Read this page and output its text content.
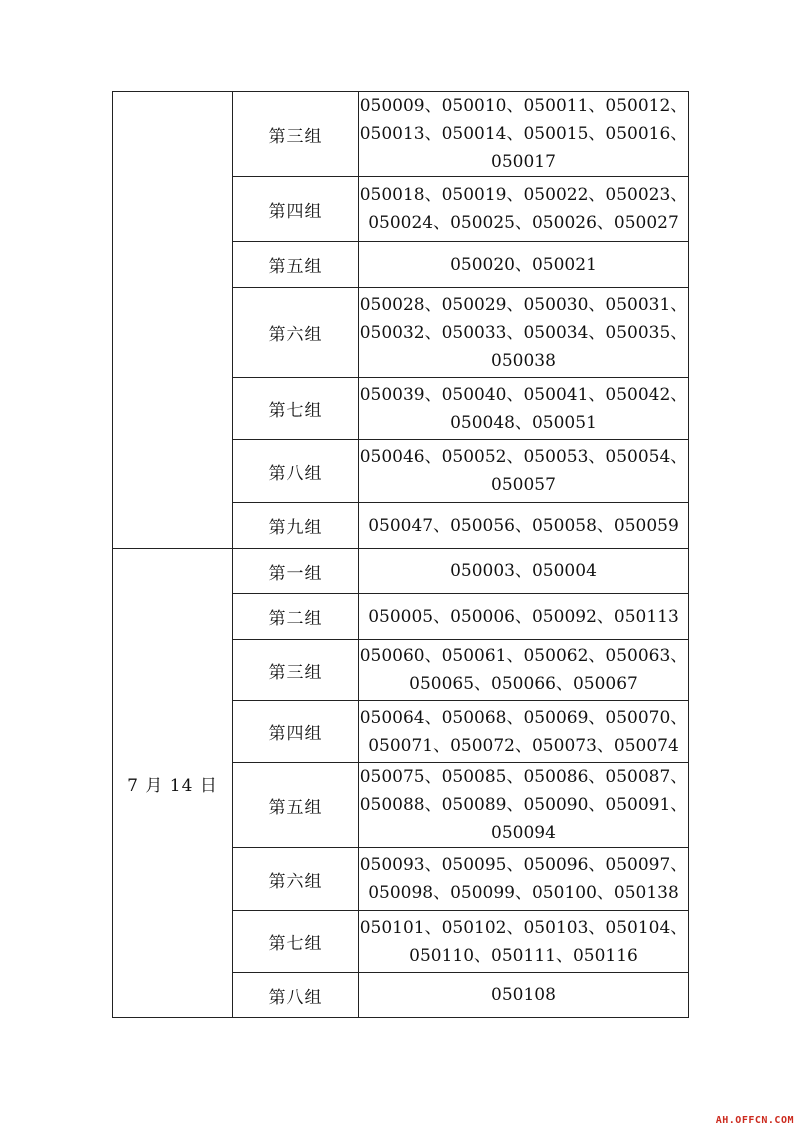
	第三组	050009、050010、050011、050012、
050013、050014、050015、050016、
050017

	第四组	050018、050019、050022、050023、
050024、050025、050026、050027

	第五组	050020、050021

	第六组	050028、050029、050030、050031、
050032、050033、050034、050035、
050038

	第七组	050039、050040、050041、050042、
050048、050051

	第八组	050046、050052、050053、050054、
050057

	第九组	050047、050056、050058、050059

7 月 14 日	第一组	050003、050004

	第二组	050005、050006、050092、050113

	第三组	050060、050061、050062、050063、
050065、050066、050067

	第四组	050064、050068、050069、050070、
050071、050072、050073、050074

	第五组	050075、050085、050086、050087、
050088、050089、050090、050091、
050094

	第六组	050093、050095、050096、050097、
050098、050099、050100、050138

	第七组	050101、050102、050103、050104、
050110、050111、050116

	第八组	050108
AH.OFFCN.COM
